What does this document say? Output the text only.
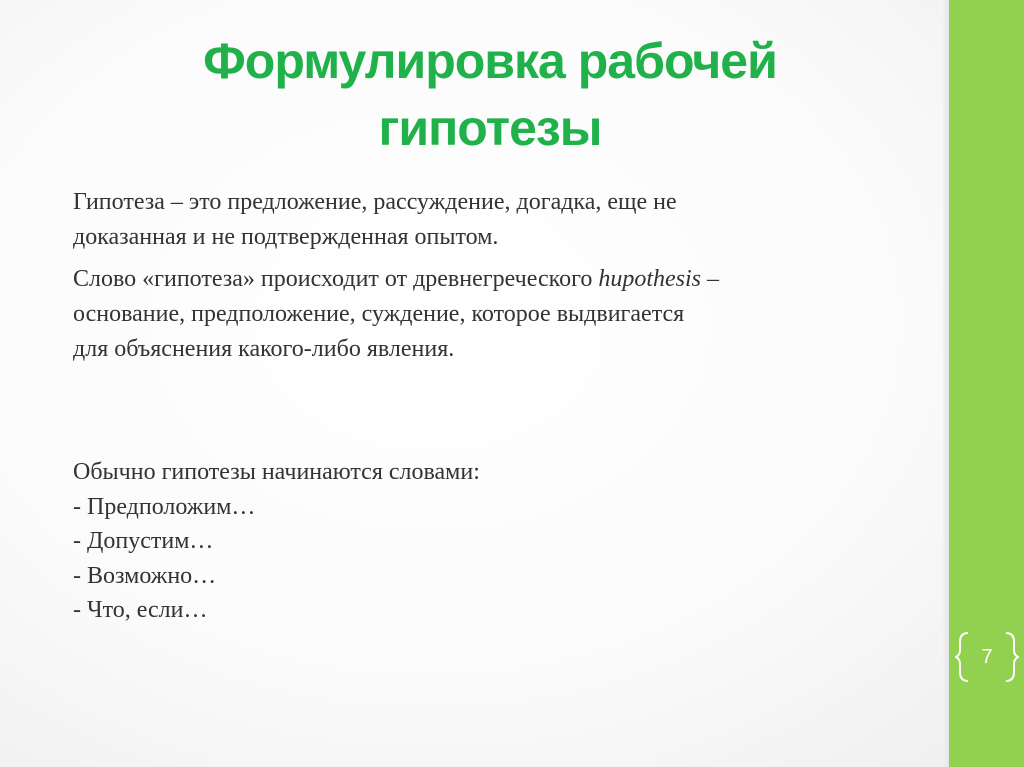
Формулировка рабочей
гипотезы

Гипотеза – это предложение, рассуждение, догадка, еще не
доказанная и не подтвержденная опытом.

Слово «гипотеза» происходит от древнегреческого hupothesis –
основание, предположение, суждение, которое выдвигается
для объяснения какого-либо явления.

Обычно гипотезы начинаются словами:
- Предположим…
- Допустим…
- Возможно…
- Что, если…
7
